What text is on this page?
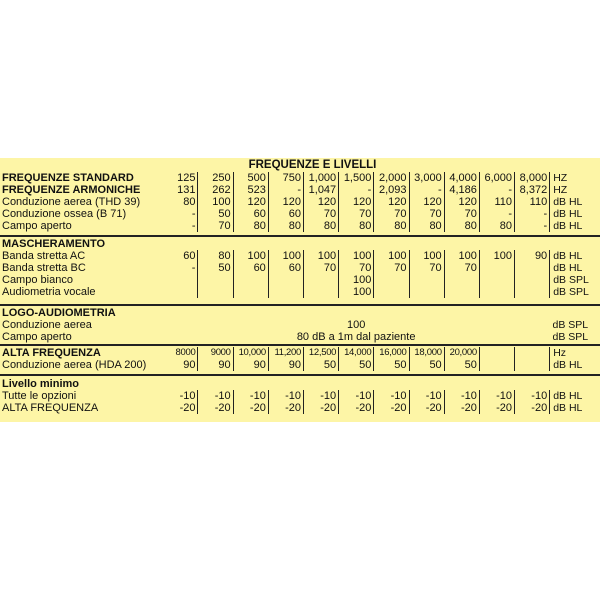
FREQUENZE E LIVELLI
FREQUENZE STANDARD	125	250	500	750	1,000	1,500	2,000	3,000	4,000	6,000	8,000	HZ
FREQUENZE ARMONICHE	131	262	523	-	1,047	-	2,093	-	4,186	-	8,372	HZ
Conduzione aerea (THD 39)	80	100	120	120	120	120	120	120	120	110	110	dB HL
Conduzione ossea (B 71)	-	50	60	60	70	70	70	70	70	-	-	dB HL
Campo aperto	-	70	80	80	80	80	80	80	80	80	-	dB HL
MASCHERAMENTO												
Banda stretta AC	60	80	100	100	100	100	100	100	100	100	90	dB HL
Banda stretta BC	-	50	60	60	70	70	70	70	70			dB HL
Campo bianco						100						dB SPL
Audiometria vocale						100						dB SPL
LOGO-AUDIOMETRIA		
Conduzione aerea	100	dB SPL
Campo aperto	80 dB a 1m dal paziente	dB SPL
ALTA FREQUENZA	8000	9000	10,000	11,200	12,500	14,000	16,000	18,000	20,000			Hz
Conduzione aerea (HDA 200)	90	90	90	90	50	50	50	50	50			dB HL
Livello minimo												
Tutte le opzioni	-10	-10	-10	-10	-10	-10	-10	-10	-10	-10	-10	dB HL
ALTA FREQUENZA	-20	-20	-20	-20	-20	-20	-20	-20	-20	-20	-20	dB HL
